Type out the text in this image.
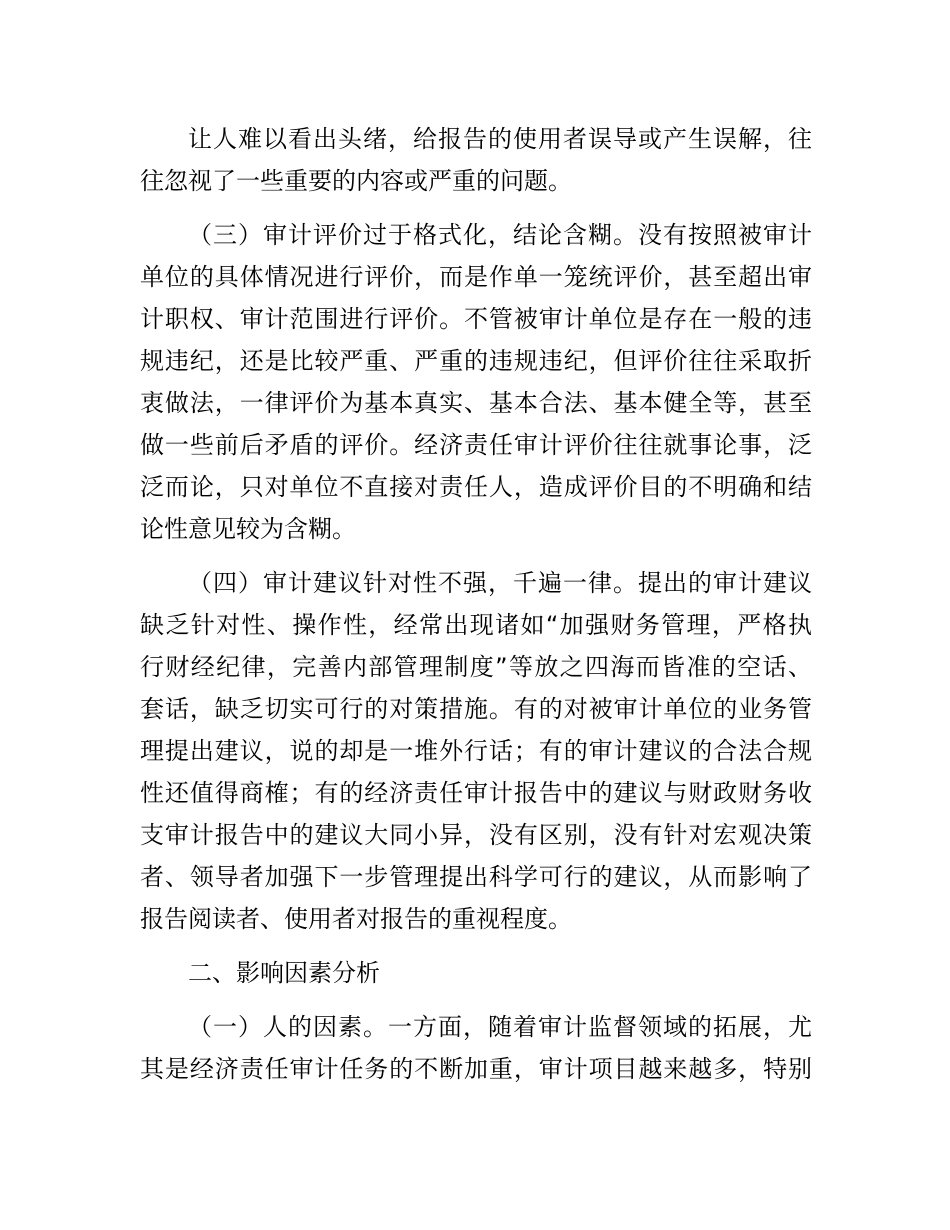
让人难以看出头绪，给报告的使用者误导或产生误解，往
往忽视了一些重要的内容或严重的问题。
（三）审计评价过于格式化，结论含糊。没有按照被审计
单位的具体情况进行评价，而是作单一笼统评价，甚至超出审
计职权、审计范围进行评价。不管被审计单位是存在一般的违
规违纪，还是比较严重、严重的违规违纪，但评价往往采取折
衷做法，一律评价为基本真实、基本合法、基本健全等，甚至
做一些前后矛盾的评价。经济责任审计评价往往就事论事，泛
泛而论，只对单位不直接对责任人，造成评价目的不明确和结
论性意见较为含糊。
（四）审计建议针对性不强，千遍一律。提出的审计建议
缺乏针对性、操作性，经常出现诸如“加强财务管理，严格执
行财经纪律，完善内部管理制度”等放之四海而皆准的空话、
套话，缺乏切实可行的对策措施。有的对被审计单位的业务管
理提出建议，说的却是一堆外行话；有的审计建议的合法合规
性还值得商榷；有的经济责任审计报告中的建议与财政财务收
支审计报告中的建议大同小异，没有区别，没有针对宏观决策
者、领导者加强下一步管理提出科学可行的建议，从而影响了
报告阅读者、使用者对报告的重视程度。
二、影响因素分析
（一）人的因素。一方面，随着审计监督领域的拓展，尤
其是经济责任审计任务的不断加重，审计项目越来越多，特别
